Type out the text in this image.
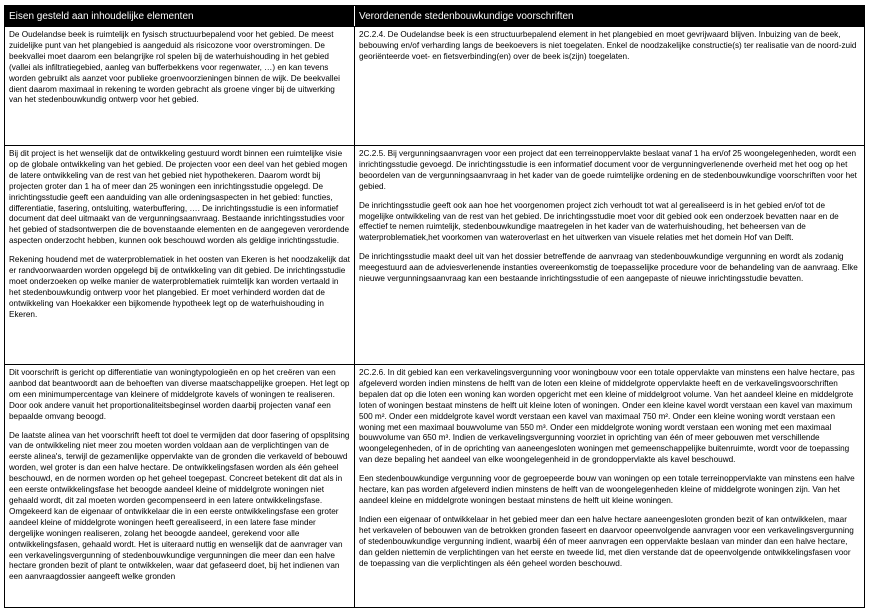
Eisen gesteld aan inhoudelijke elementen	Verordenende stedenbouwkundige voorschriften

De Oudelandse beek is ruimtelijk en fysisch structuurbepalend voor het gebied. De meest zuidelijke punt van het plangebied is aangeduid als risicozone voor overstromingen. De beekvallei moet daarom een belangrijke rol spelen bij de waterhuishouding in het gebied (vallei als infiltratiegebied, aanleg van bufferbekkens voor regenwater, …) en kan tevens worden gebruikt als aanzet voor publieke groenvoorzieningen binnen de wijk. De beekvallei dient daarom maximaal in rekening te worden gebracht als groene vinger bij de uitwerking van het stedenbouwkundig ontwerp voor het gebied.

2C.2.4. De Oudelandse beek is een structuurbepalend element in het plangebied en moet gevrijwaard blijven. Inbuizing van de beek, bebouwing en/of verharding langs de beekoevers is niet toegelaten. Enkel de noodzakelijke constructie(s) ter realisatie van de noord-zuid georiënteerde voet- en fietsverbinding(en) over de beek is(zijn) toegelaten.

Bij dit project is het wenselijk dat de ontwikkeling gestuurd wordt binnen een ruimtelijke visie op de globale ontwikkeling van het gebied. De projecten voor een deel van het gebied mogen de latere ontwikkeling van de rest van het gebied niet hypothekeren. Daarom wordt bij projecten groter dan 1 ha of meer dan 25 woningen een inrichtingsstudie opgelegd. De inrichtingsstudie geeft een aanduiding van alle ordeningsaspecten in het gebied: functies, differentiatie, fasering, ontsluiting, waterbuffering, …. De inrichtingsstudie is een informatief document dat deel uitmaakt van de vergunningsaanvraag. Bestaande inrichtingsstudies voor het gebied of stadsontwerpen die de bovenstaande elementen en de aangegeven verordende aspecten onderzocht hebben, kunnen ook beschouwd worden als geldige inrichtingsstudie.

Rekening houdend met de waterproblematiek in het oosten van Ekeren is het noodzakelijk dat er randvoorwaarden worden opgelegd bij de ontwikkeling van dit gebied. De inrichtingsstudie moet onderzoeken op welke manier de waterproblematiek ruimtelijk kan worden vertaald in het stedenbouwkundig ontwerp voor het plangebied. Er moet verhinderd worden dat de ontwikkeling van Hoekakker een bijkomende hypotheek legt op de waterhuishouding in Ekeren.

2C.2.5. Bij vergunningsaanvragen voor een project dat een terreinoppervlakte beslaat vanaf 1 ha en/of 25 woongelegenheden, wordt een inrichtingsstudie gevoegd. De inrichtingsstudie is een informatief document voor de vergunningverlenende overheid met het oog op het beoordelen van de vergunningsaanvraag in het kader van de goede ruimtelijke ordening en de stedenbouwkundige voorschriften voor het gebied.

De inrichtingsstudie geeft ook aan hoe het voorgenomen project zich verhoudt tot wat al gerealiseerd is in het gebied en/of tot de mogelijke ontwikkeling van de rest van het gebied. De inrichtingsstudie moet voor dit gebied ook een onderzoek bevatten naar en de effectief te nemen ruimtelijk, stedenbouwkundige maatregelen in het kader van de waterhuishouding, het beheersen van de waterproblematiek,het voorkomen van wateroverlast en het uitwerken van visuele relaties met het domein Hof van Delft.

De inrichtingsstudie maakt deel uit van het dossier betreffende de aanvraag van stedenbouwkundige vergunning en wordt als zodanig meegestuurd aan de adviesverlenende instanties overeenkomstig de toepasselijke procedure voor de behandeling van de aanvraag. Elke nieuwe vergunningsaanvraag kan een bestaande inrichtingsstudie of een aangepaste of nieuwe inrichtingsstudie bevatten.

Dit voorschrift is gericht op differentiatie van woningtypologieën en op het creëren van een aanbod dat beantwoordt aan de behoeften van diverse maatschappelijke groepen. Het legt op om een minimumpercentage van kleinere of middelgrote kavels of woningen te realiseren. Door ook andere vanuit het proportionaliteitsbeginsel worden daarbij projecten vanaf een bepaalde omvang beoogd.

De laatste alinea van het voorschrift heeft tot doel te vermijden dat door fasering of opsplitsing van de ontwikkeling niet meer zou moeten worden voldaan aan de verplichtingen van de eerste alinea's, terwijl de gezamenlijke oppervlakte van de gronden die verkaveld of bebouwd worden, wel groter is dan een halve hectare. De ontwikkelingsfasen worden als één geheel beschouwd, en de normen worden op het geheel toegepast. Concreet betekent dit dat als in een eerste ontwikkelingsfase het beoogde aandeel kleine of middelgrote woningen niet gehaald wordt, dit zal moeten worden gecompenseerd in een latere ontwikkelingsfase. Omgekeerd kan de eigenaar of ontwikkelaar die in een eerste ontwikkelingsfase een groter aandeel kleine of middelgrote woningen heeft gerealiseerd, in een latere fase minder dergelijke woningen realiseren, zolang het beoogde aandeel, gerekend voor alle ontwikkelingsfasen, gehaald wordt. Het is uiteraard nuttig en wenselijk dat de aanvrager van een verkavelingsvergunning of stedenbouwkundige vergunningen die meer dan een halve hectare gronden bezit of plant te ontwikkelen, waar dat gefaseerd doet, bij het indienen van een aanvraagdossier aangeeft welke gronden

2C.2.6. In dit gebied kan een verkavelingsvergunning voor woningbouw voor een totale oppervlakte van minstens een halve hectare, pas afgeleverd worden indien minstens de helft van de loten een kleine of middelgrote oppervlakte heeft en de verkavelingsvoorschriften bepalen dat op die loten een woning kan worden opgericht met een kleine of middelgroot volume. Van het aandeel kleine en middelgrote loten of woningen bestaat minstens de helft uit kleine loten of woningen. Onder een kleine kavel wordt verstaan een kavel van maximum 500 m². Onder een middelgrote kavel wordt verstaan een kavel van maximaal 750 m². Onder een kleine woning wordt verstaan een woning met een maximaal bouwvolume van 550 m³. Onder een middelgrote woning wordt verstaan een woning met een maximaal bouwvolume van 650 m³. Indien de verkavelingsvergunning voorziet in oprichting van één of meer gebouwen met verschillende woongelegenheden, of in de oprichting van aaneengesloten woningen met gemeenschappelijke buitenruimte, wordt voor de toepassing van deze bepaling het aandeel van elke woongelegenheid in de grondoppervlakte als kavel beschouwd.

Een stedenbouwkundige vergunning voor de gegroepeerde bouw van woningen op een totale terreinoppervlakte van minstens een halve hectare, kan pas worden afgeleverd indien minstens de helft van de woongelegenheden kleine of middelgrote woningen zijn. Van het aandeel kleine en middelgrote woningen bestaat minstens de helft uit kleine woningen.

Indien een eigenaar of ontwikkelaar in het gebied meer dan een halve hectare aaneengesloten gronden bezit of kan ontwikkelen, maar het verkavelen of bebouwen van de betrokken gronden faseert en daarvoor opeenvolgende aanvragen voor een verkavelingsvergunning of stedenbouwkundige vergunning indient, waarbij één of meer aanvragen een oppervlakte beslaan van minder dan een halve hectare, dan gelden niettemin de verplichtingen van het eerste en tweede lid, met dien verstande dat de opeenvolgende ontwikkelingsfasen voor de toepassing van die verplichtingen als één geheel worden beschouwd.
